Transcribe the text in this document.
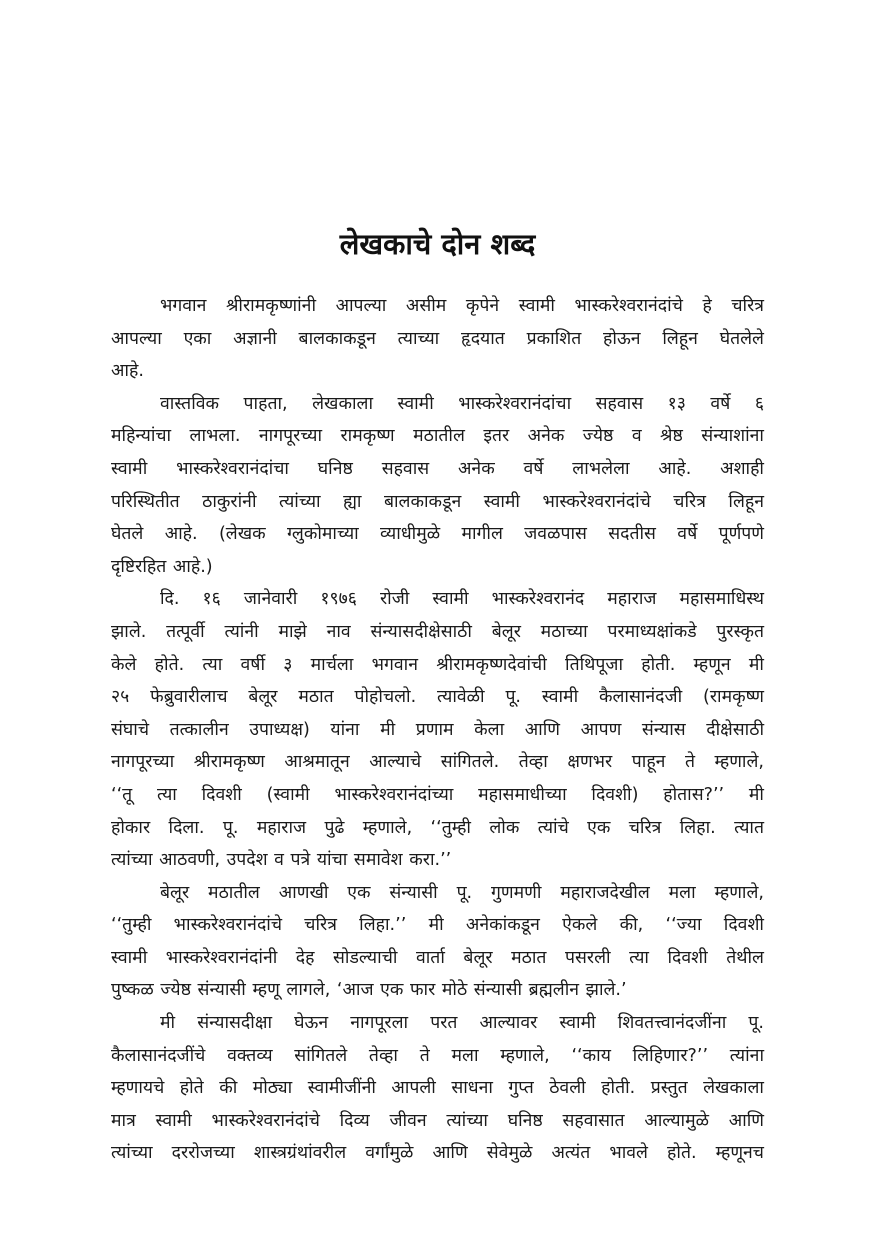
लेखकाचे दोन शब्द
भगवान श्रीरामकृष्णांनी आपल्या असीम कृपेने स्वामी भास्करेश्वरानंदांचे हे चरित्र
आपल्या एका अज्ञानी बालकाकडून त्याच्या हृदयात प्रकाशित होऊन लिहून घेतलेले
आहे.
वास्तविक पाहता, लेखकाला स्वामी भास्करेश्वरानंदांचा सहवास १३ वर्षे ६
महिन्यांचा लाभला. नागपूरच्या रामकृष्ण मठातील इतर अनेक ज्येष्ठ व श्रेष्ठ संन्याशांना
स्वामी भास्करेश्वरानंदांचा घनिष्ठ सहवास अनेक वर्षे लाभलेला आहे. अशाही
परिस्थितीत ठाकुरांनी त्यांच्या ह्या बालकाकडून स्वामी भास्करेश्वरानंदांचे चरित्र लिहून
घेतले आहे. (लेखक ग्लुकोमाच्या व्याधीमुळे मागील जवळपास सदतीस वर्षे पूर्णपणे
दृष्टिरहित आहे.)
दि. १६ जानेवारी १९७६ रोजी स्वामी भास्करेश्वरानंद महाराज महासमाधिस्थ
झाले. तत्पूर्वी त्यांनी माझे नाव संन्यासदीक्षेसाठी बेलूर मठाच्या परमाध्यक्षांकडे पुरस्कृत
केले होते. त्या वर्षी ३ मार्चला भगवान श्रीरामकृष्णदेवांची तिथिपूजा होती. म्हणून मी
२५ फेब्रुवारीलाच बेलूर मठात पोहोचलो. त्यावेळी पू. स्वामी कैलासानंदजी (रामकृष्ण
संघाचे तत्कालीन उपाध्यक्ष) यांना मी प्रणाम केला आणि आपण संन्यास दीक्षेसाठी
नागपूरच्या श्रीरामकृष्ण आश्रमातून आल्याचे सांगितले. तेव्हा क्षणभर पाहून ते म्हणाले,
‘‘तू त्या दिवशी (स्वामी भास्करेश्वरानंदांच्या महासमाधीच्या दिवशी) होतास?’’ मी
होकार दिला. पू. महाराज पुढे म्हणाले, ‘‘तुम्ही लोक त्यांचे एक चरित्र लिहा. त्यात
त्यांच्या आठवणी, उपदेश व पत्रे यांचा समावेश करा.’’
बेलूर मठातील आणखी एक संन्यासी पू. गुणमणी महाराजदेखील मला म्हणाले,
‘‘तुम्ही भास्करेश्वरानंदांचे चरित्र लिहा.’’ मी अनेकांकडून ऐकले की, ‘‘ज्या दिवशी
स्वामी भास्करेश्वरानंदांनी देह सोडल्याची वार्ता बेलूर मठात पसरली त्या दिवशी तेथील
पुष्कळ ज्येष्ठ संन्यासी म्हणू लागले, ‘आज एक फार मोठे संन्यासी ब्रह्मलीन झाले.’
मी संन्यासदीक्षा घेऊन नागपूरला परत आल्यावर स्वामी शिवतत्त्वानंदजींना पू.
कैलासानंदजींचे वक्तव्य सांगितले तेव्हा ते मला म्हणाले, ‘‘काय लिहिणार?’’ त्यांना
म्हणायचे होते की मोठ्या स्वामीजींनी आपली साधना गुप्त ठेवली होती. प्रस्तुत लेखकाला
मात्र स्वामी भास्करेश्वरानंदांचे दिव्य जीवन त्यांच्या घनिष्ठ सहवासात आल्यामुळे आणि
त्यांच्या दररोजच्या शास्त्रग्रंथांवरील वर्गांमुळे आणि सेवेमुळे अत्यंत भावले होते. म्हणूनच
